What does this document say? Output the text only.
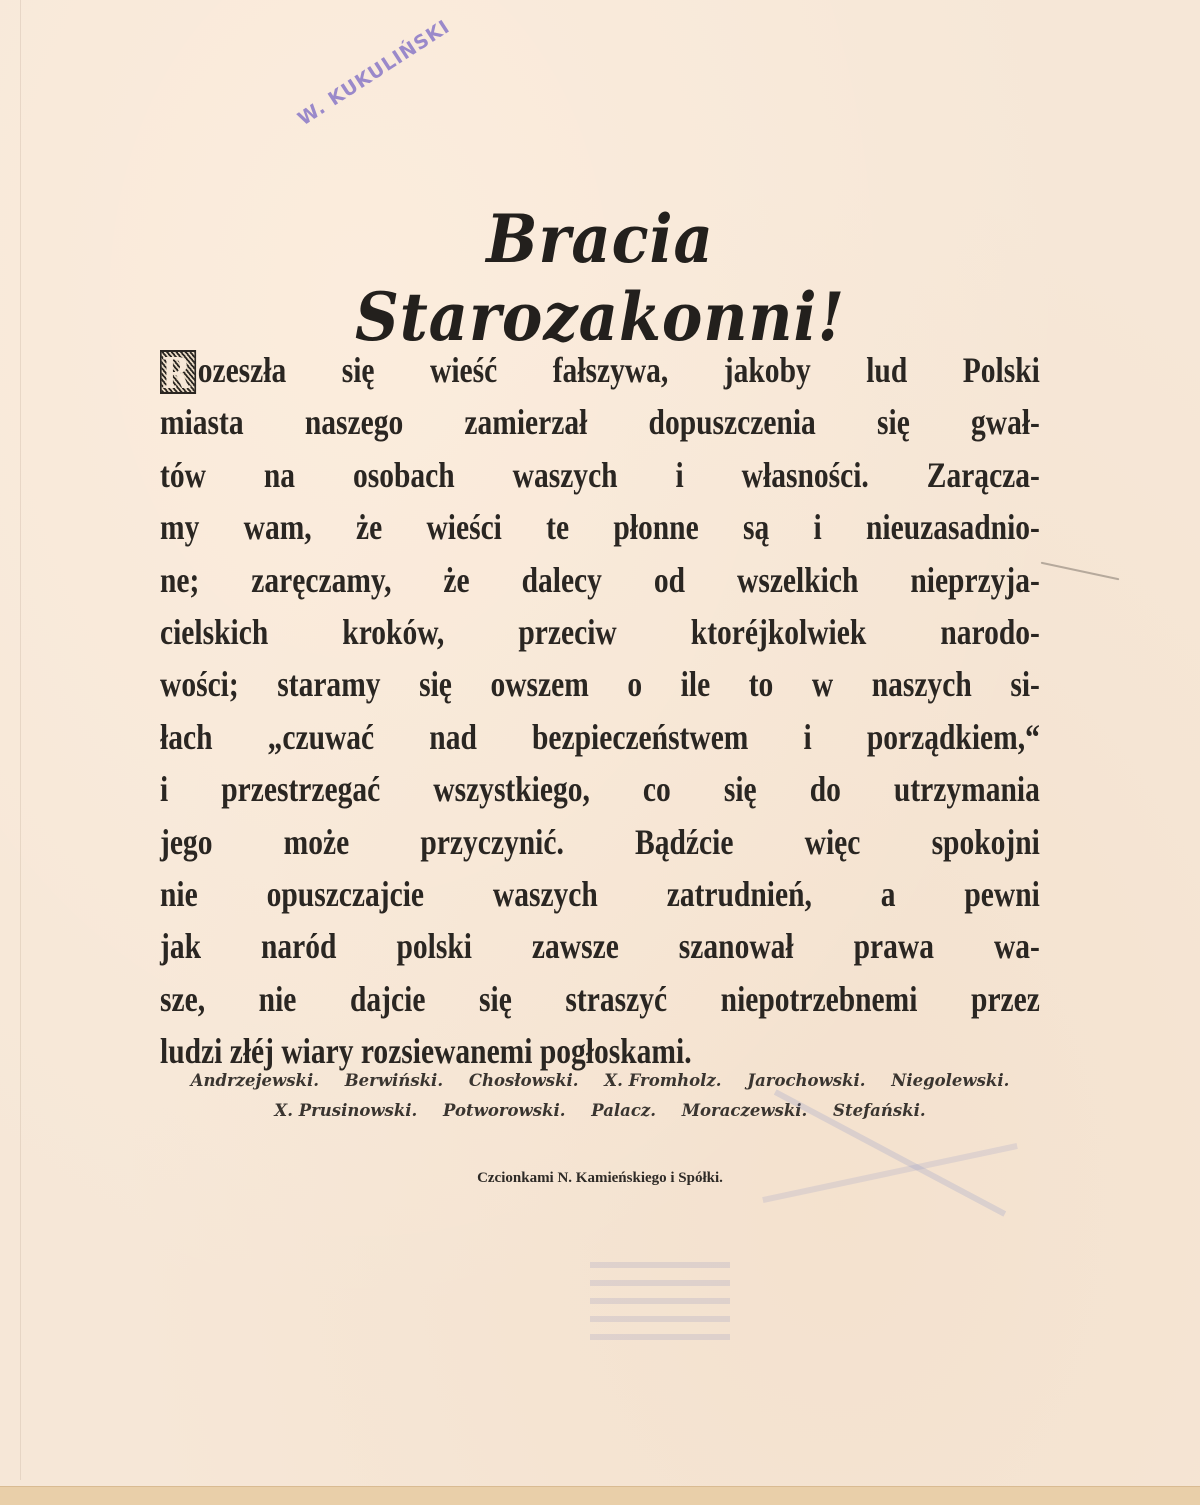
W. KUKULIŃSKI
Bracia Starozakonni!
R ozeszła się wieść fałszywa, jakoby lud Polski
miasta naszego zamierzał dopuszczenia się gwał-
tów na osobach waszych i własności. Zarącza-
my wam, że wieści te płonne są i nieuzasadnio-
ne; zaręczamy, że dalecy od wszelkich nieprzyja-
cielskich kroków, przeciw ktoréjkolwiek narodo-
wości; staramy się owszem o ile to w naszych si-
łach „czuwać nad bezpieczeństwem i porządkiem,“
i przestrzegać wszystkiego, co się do utrzymania
jego może przyczynić. Bądźcie więc spokojni
nie opuszczajcie waszych zatrudnień, a pewni
jak naród polski zawsze szanował prawa wa-
sze, nie dajcie się straszyć niepotrzebnemi przez
ludzi złéj wiary rozsiewanemi pogłoskami.
Andrzejewski. Berwiński. Chosłowski. X. Fromholz. Jarochowski. Niegolewski.
X. Prusinowski. Potworowski. Palacz. Moraczewski. Stefański.
Czcionkami N. Kamieńskiego i Spółki.
